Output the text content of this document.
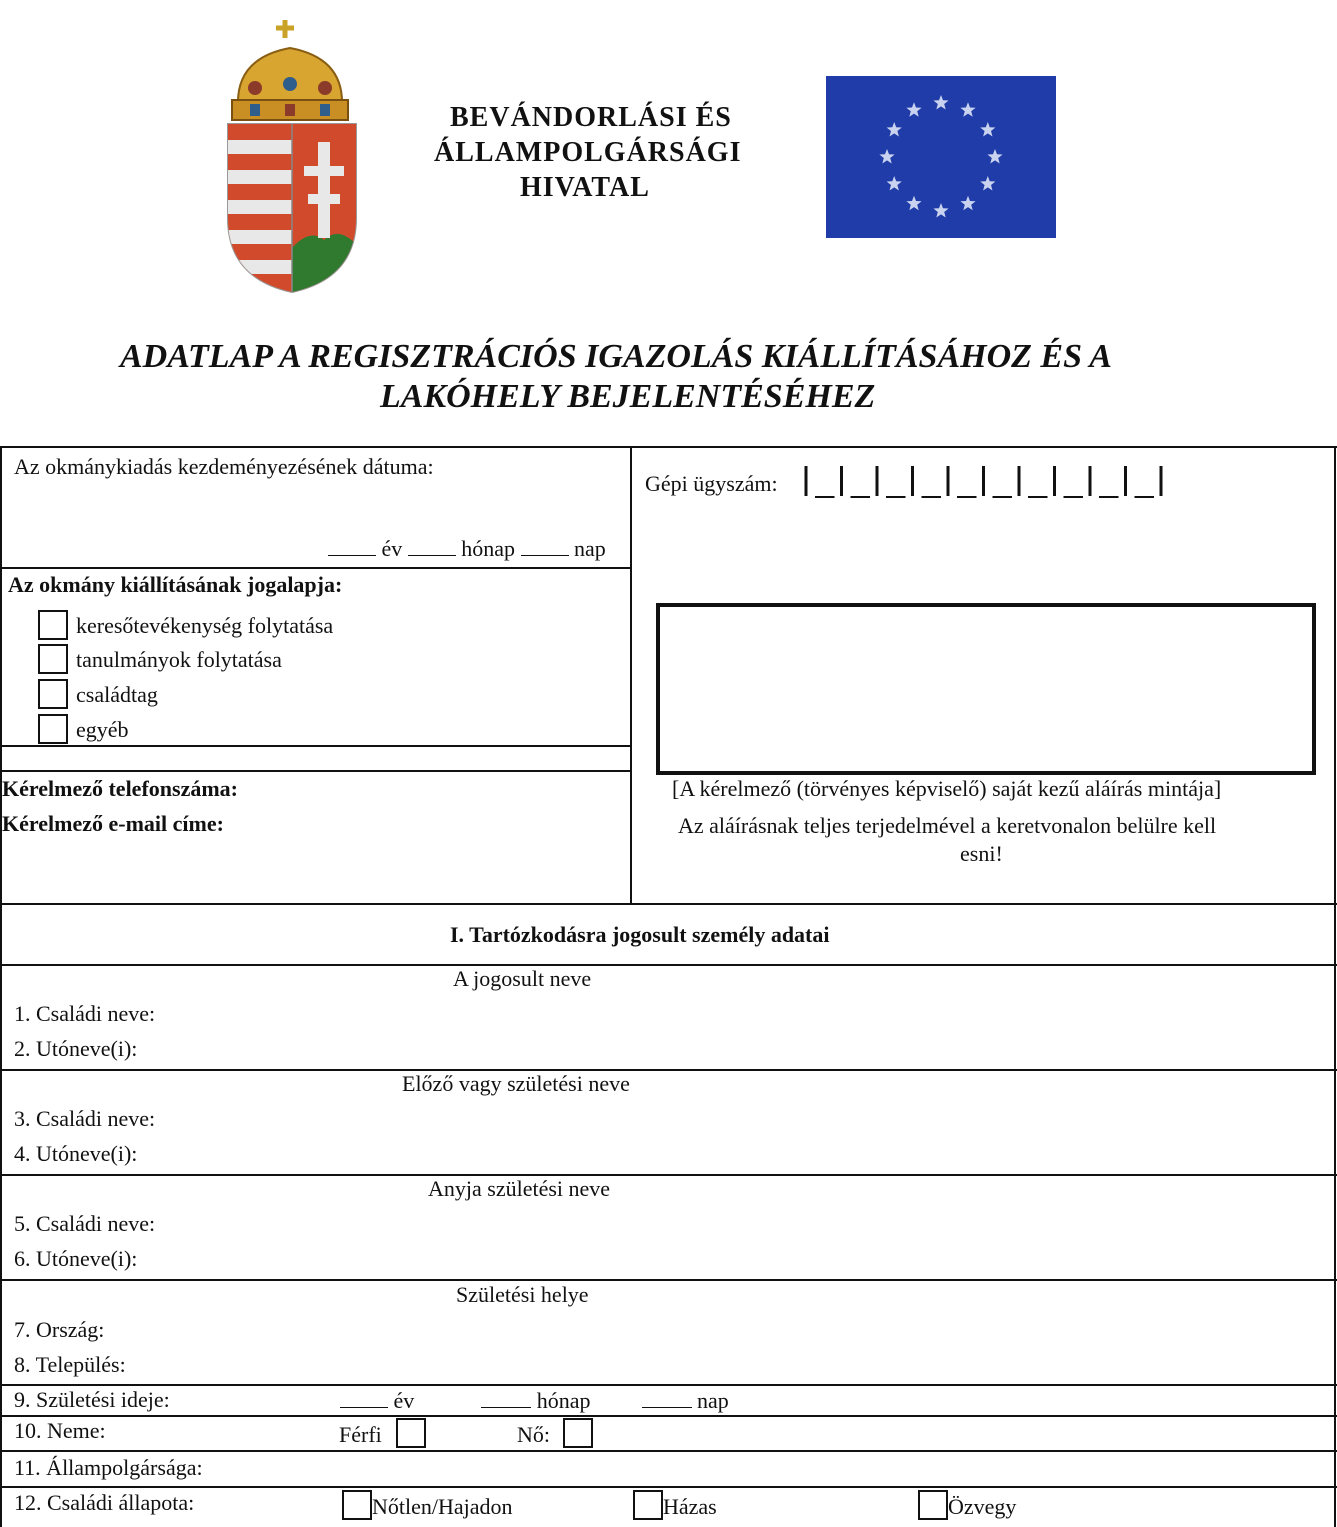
BEVÁNDORLÁSI ÉS
ÁLLAMPOLGÁRSÁGI
HIVATAL
ADATLAP A REGISZTRÁCIÓS IGAZOLÁS KIÁLLÍTÁSÁHOZ ÉS A
LAKÓHELY BEJELENTÉSÉHEZ
Az okmánykiadás kezdeményezésének dátuma:
év	hónap	nap
Az okmány kiállításának jogalapja:
keresőtevékenység folytatása
tanulmányok folytatása
családtag
egyéb
Kérelmező telefonszáma:
Kérelmező e-mail címe:
Gépi ügyszám:
[A kérelmező (törvényes képviselő) saját kezű aláírás mintája]
Az aláírásnak teljes terjedelmével a keretvonalon belülre kell
esni!
I. Tartózkodásra jogosult személy adatai
A jogosult neve
1. Családi neve:
2. Utóneve(i):
Előző vagy születési neve
3. Családi neve:
4. Utóneve(i):
Anyja születési neve
5. Családi neve:
6. Utóneve(i):
Születési helye
7. Ország:
8. Település:
9. Születési ideje:	év	hónap	nap
10. Neme:	Férfi	Nő:
11. Állampolgársága:
12. Családi állapota:	Nőtlen/Hajadon	Házas	Özvegy
